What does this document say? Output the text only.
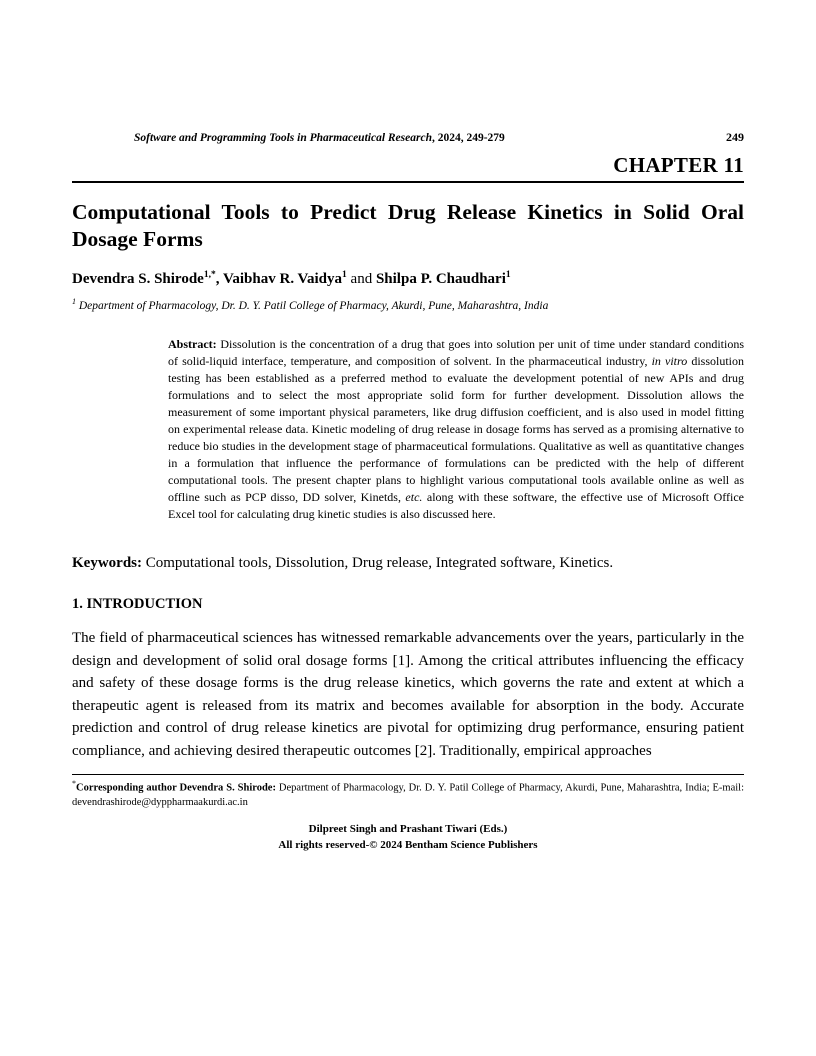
Software and Programming Tools in Pharmaceutical Research, 2024, 249-279	249
CHAPTER 11
Computational Tools to Predict Drug Release Kinetics in Solid Oral Dosage Forms
Devendra S. Shirode$^{1,*}$, Vaibhav R. Vaidya$^1$ and Shilpa P. Chaudhari$^1$
$^1$ Department of Pharmacology, Dr. D. Y. Patil College of Pharmacy, Akurdi, Pune, Maharashtra, India
Abstract: Dissolution is the concentration of a drug that goes into solution per unit of time under standard conditions of solid-liquid interface, temperature, and composition of solvent. In the pharmaceutical industry, in vitro dissolution testing has been established as a preferred method to evaluate the development potential of new APIs and drug formulations and to select the most appropriate solid form for further development. Dissolution allows the measurement of some important physical parameters, like drug diffusion coefficient, and is also used in model fitting on experimental release data. Kinetic modeling of drug release in dosage forms has served as a promising alternative to reduce bio studies in the development stage of pharmaceutical formulations. Qualitative as well as quantitative changes in a formulation that influence the performance of formulations can be predicted with the help of different computational tools. The present chapter plans to highlight various computational tools available online as well as offline such as PCP disso, DD solver, Kinetds, etc. along with these software, the effective use of Microsoft Office Excel tool for calculating drug kinetic studies is also discussed here.
Keywords: Computational tools, Dissolution, Drug release, Integrated software, Kinetics.
1. INTRODUCTION

The field of pharmaceutical sciences has witnessed remarkable advancements over the years, particularly in the design and development of solid oral dosage forms [1]. Among the critical attributes influencing the efficacy and safety of these dosage forms is the drug release kinetics, which governs the rate and extent at which a therapeutic agent is released from its matrix and becomes available for absorption in the body. Accurate prediction and control of drug release kinetics are pivotal for optimizing drug performance, ensuring patient compliance, and achieving desired therapeutic outcomes [2]. Traditionally, empirical approaches

*Corresponding author Devendra S. Shirode: Department of Pharmacology, Dr. D. Y. Patil College of Pharmacy, Akurdi, Pune, Maharashtra, India; E-mail: devendrashirode@dyppharmaakurdi.ac.in
Dilpreet Singh and Prashant Tiwari (Eds.)
All rights reserved-© 2024 Bentham Science Publishers
